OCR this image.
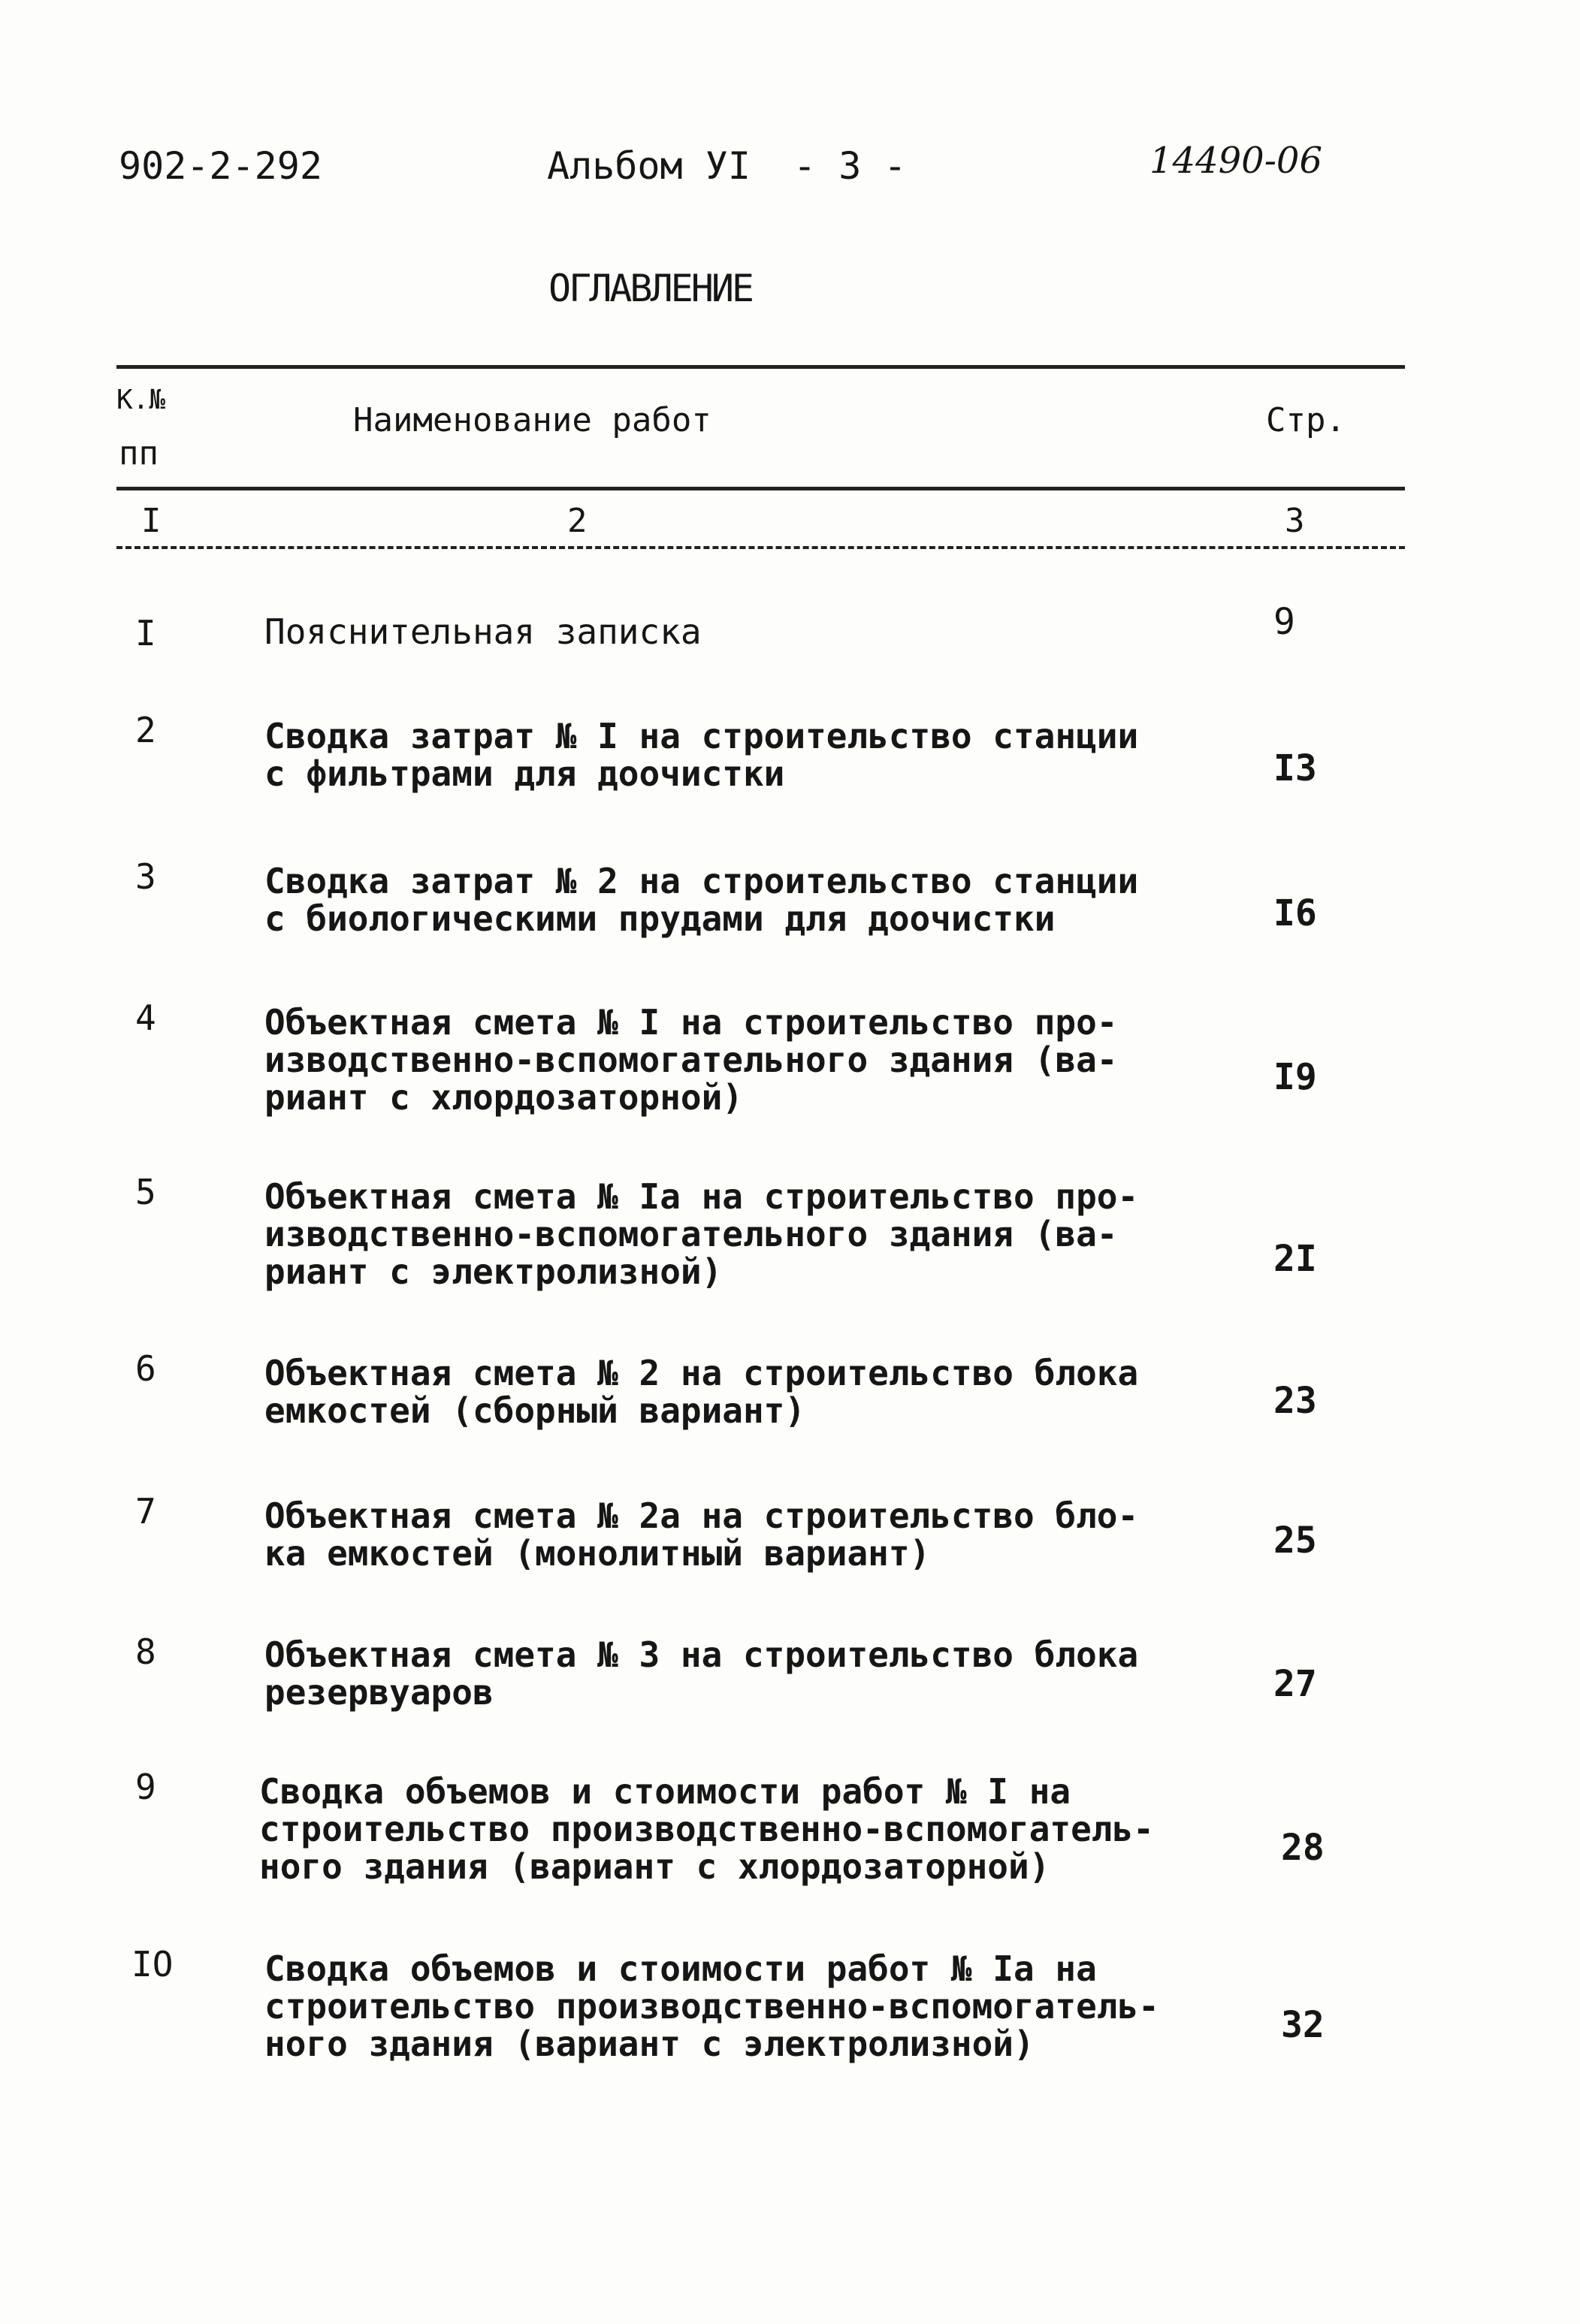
902-2-292	Альбом УI - 3 -	14490-06
ОГЛАВЛЕНИЕ
К.№
пп
Наименование работ	Стр.
I	2	3
I	Пояснительная записка	9
2	Сводка затрат № I на строительство станции
с фильтрами для доочистки	I3
3	Сводка затрат № 2 на строительство станции
с биологическими прудами для доочистки	I6
4	Объектная смета № I на строительство про-
изводственно-вспомогательного здания (ва-
риант с хлордозаторной)	I9
5	Объектная смета № Iа на строительство про-
изводственно-вспомогательного здания (ва-
риант с электролизной)	2I
6	Объектная смета № 2 на строительство блока
емкостей (сборный вариант)	23
7	Объектная смета № 2а на строительство бло-
ка емкостей (монолитный вариант)	25
8	Объектная смета № 3 на строительство блока
резервуаров	27
9	Сводка объемов и стоимости работ № I на
строительство производственно-вспомогатель-
ного здания (вариант с хлордозаторной)	28
IO	Сводка объемов и стоимости работ № Iа на
строительство производственно-вспомогатель-
ного здания (вариант с электролизной)	32
